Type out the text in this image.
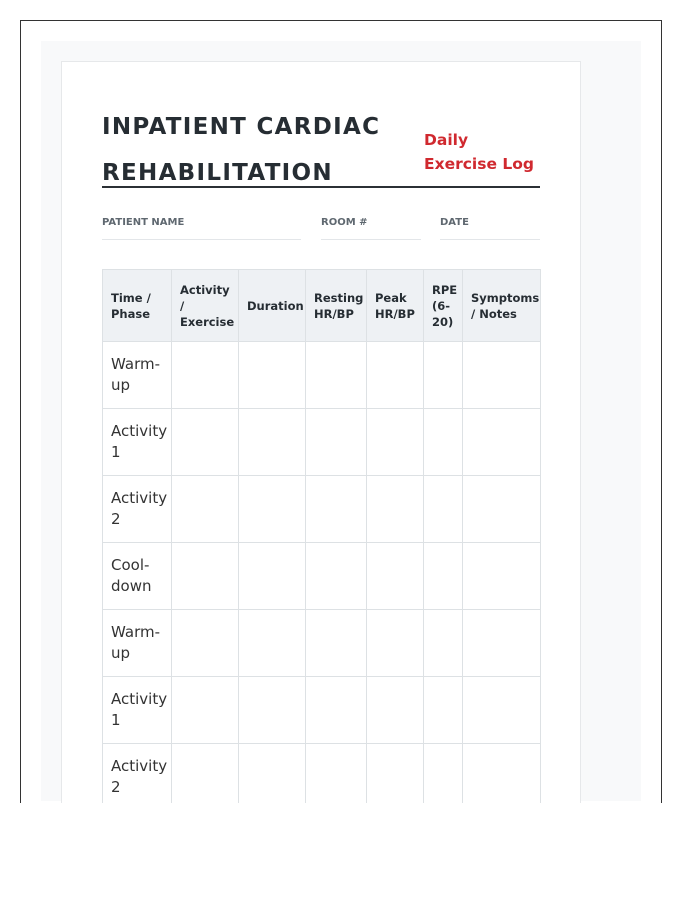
INPATIENT CARDIAC
REHABILITATION
Daily
Exercise Log
PATIENT NAME	ROOM #	DATE
Time / Phase	Activity / Exercise	Duration	Resting HR/BP	Peak HR/BP	RPE (6-20)	Symptoms / Notes
Warm-up						
Activity 1						
Activity 2						
Cool-down						
Warm-up						
Activity 1						
Activity 2						
